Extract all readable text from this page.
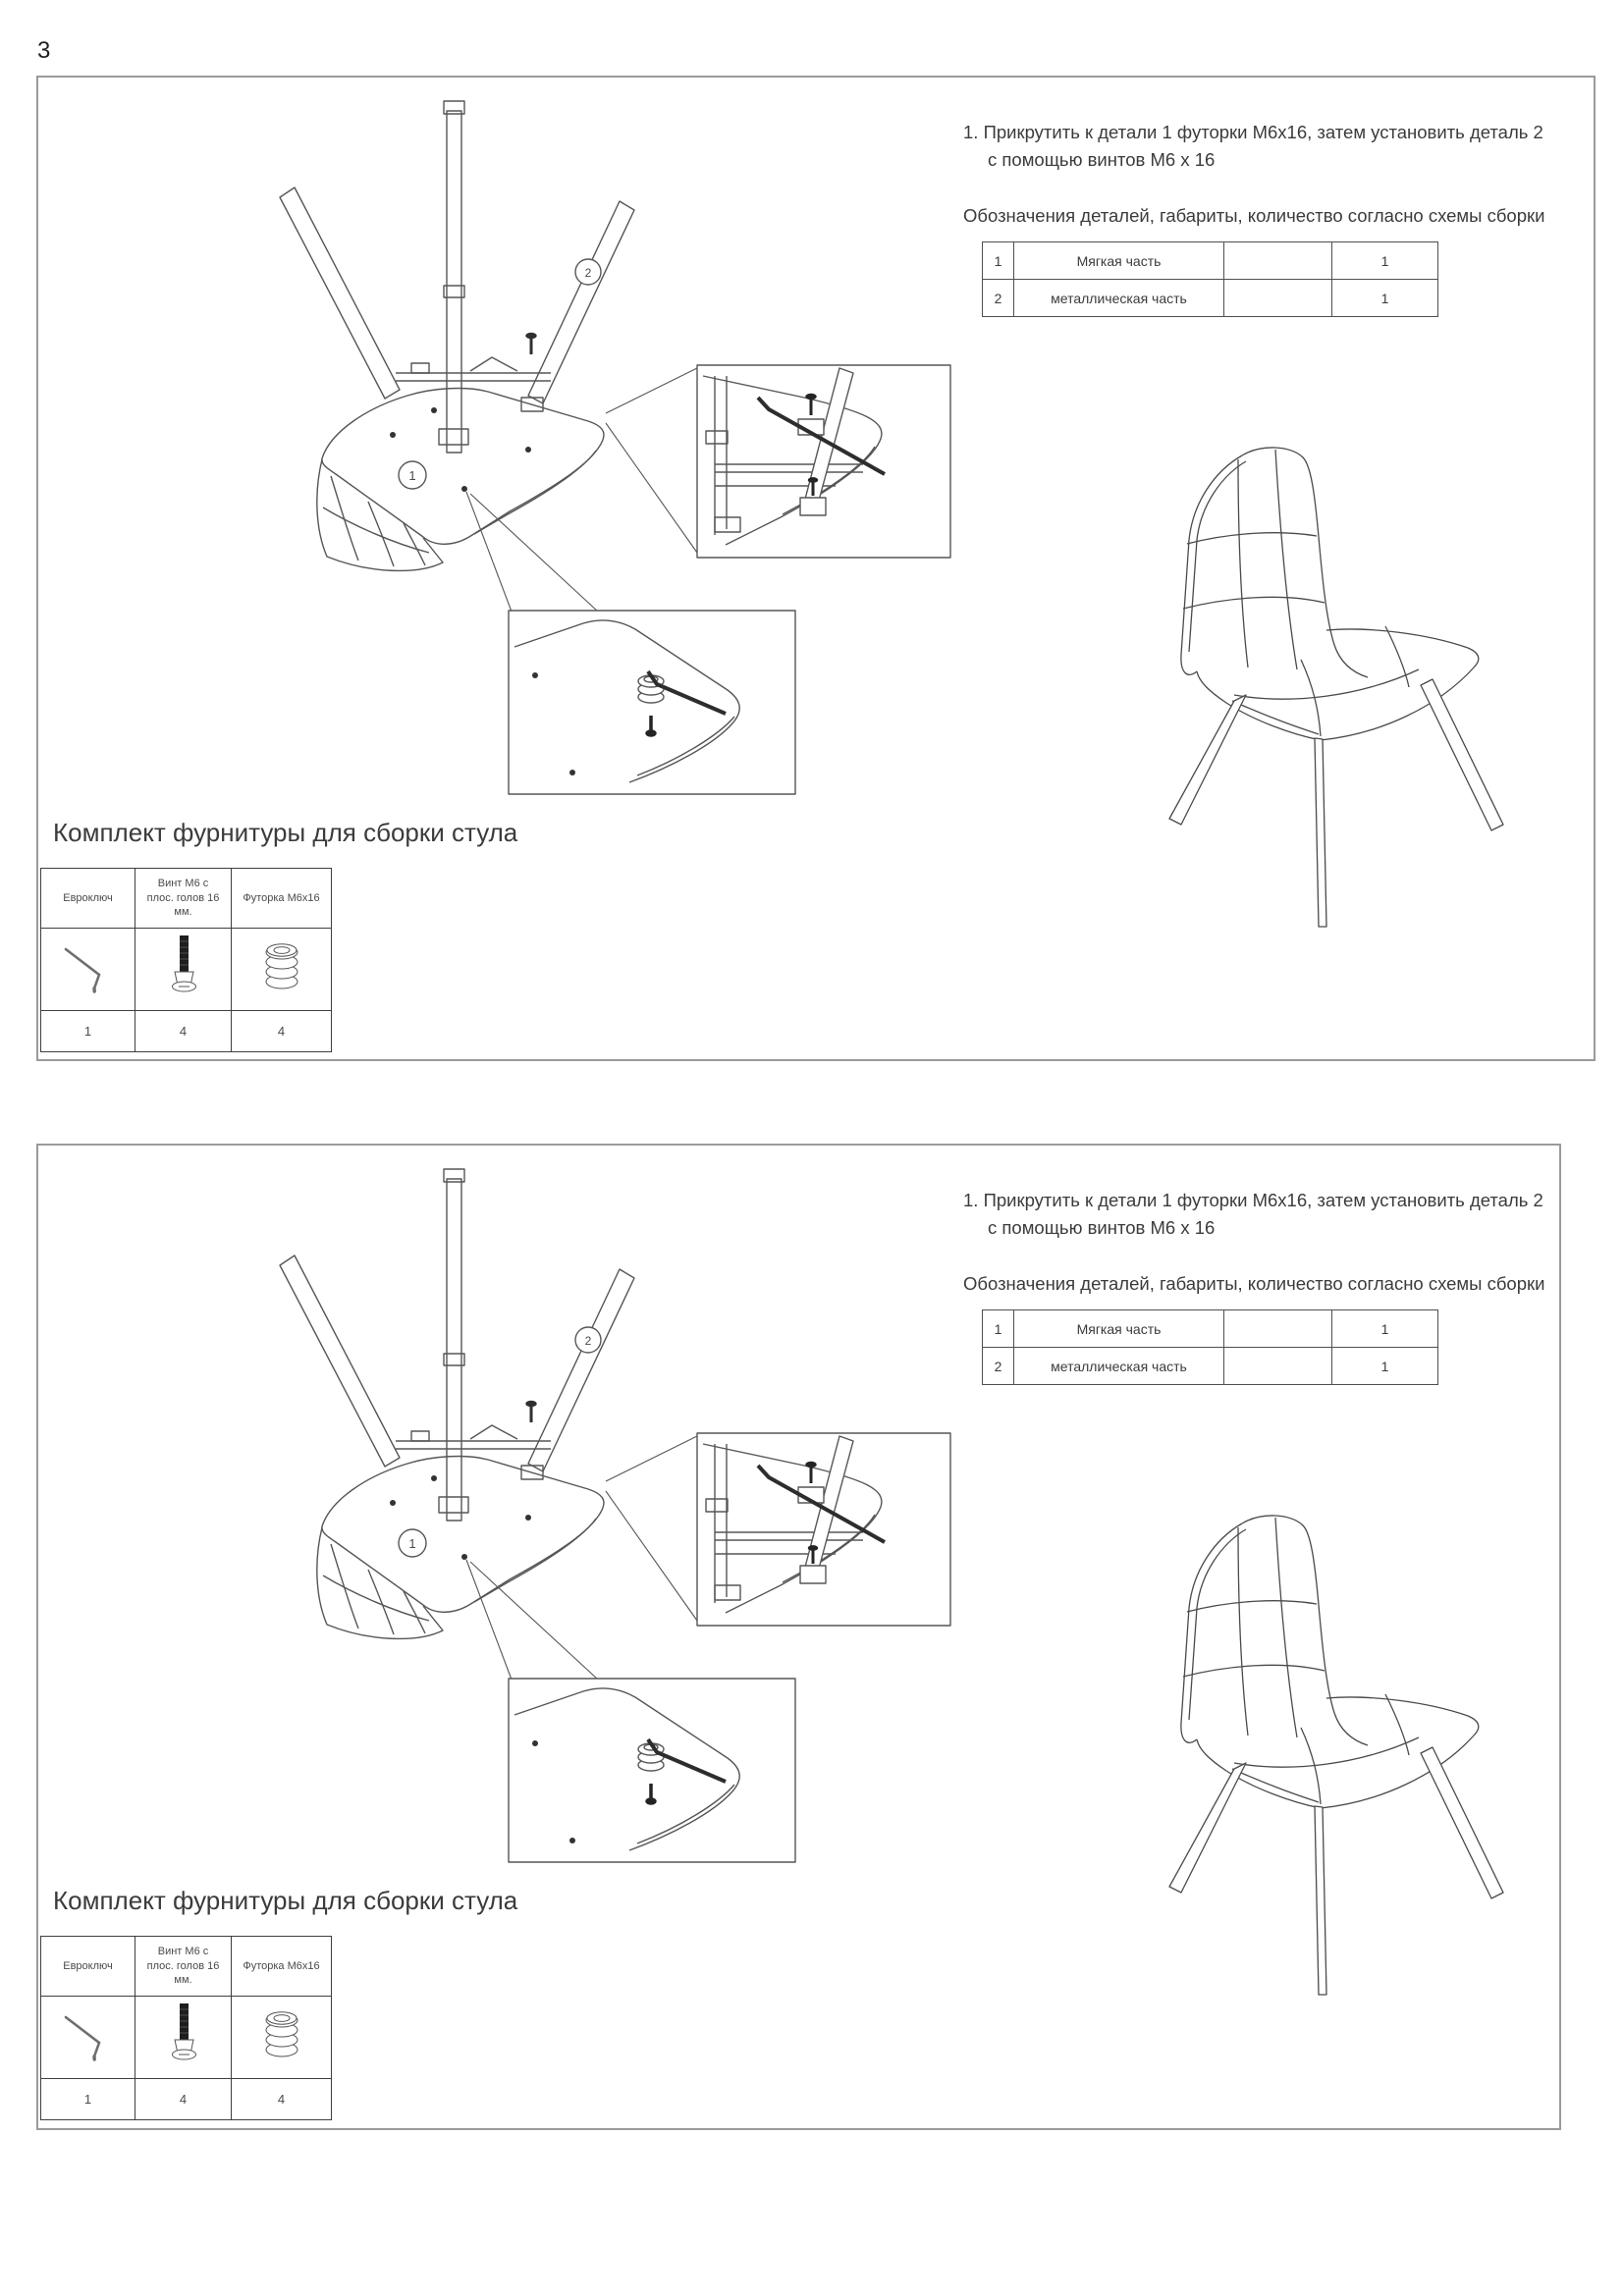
3
1
2
1. Прикрутить к детали 1 футорки М6х16, затем установить деталь 2
с помощью винтов М6 х 16
Обозначения деталей, габариты, количество согласно схемы сборки
1	Мягкая часть		1
2	металлическая часть		1
Комплект фурнитуры для сборки стула
Евроключ	Винт М6 с плос. голов 16 мм.	Футорка М6х16

1	4	4
1
2
1. Прикрутить к детали 1 футорки М6х16, затем установить деталь 2
с помощью винтов М6 х 16
Обозначения деталей, габариты, количество согласно схемы сборки
1	Мягкая часть		1
2	металлическая часть		1
Комплект фурнитуры для сборки стула
Евроключ	Винт М6 с плос. голов 16 мм.	Футорка М6х16

1	4	4
